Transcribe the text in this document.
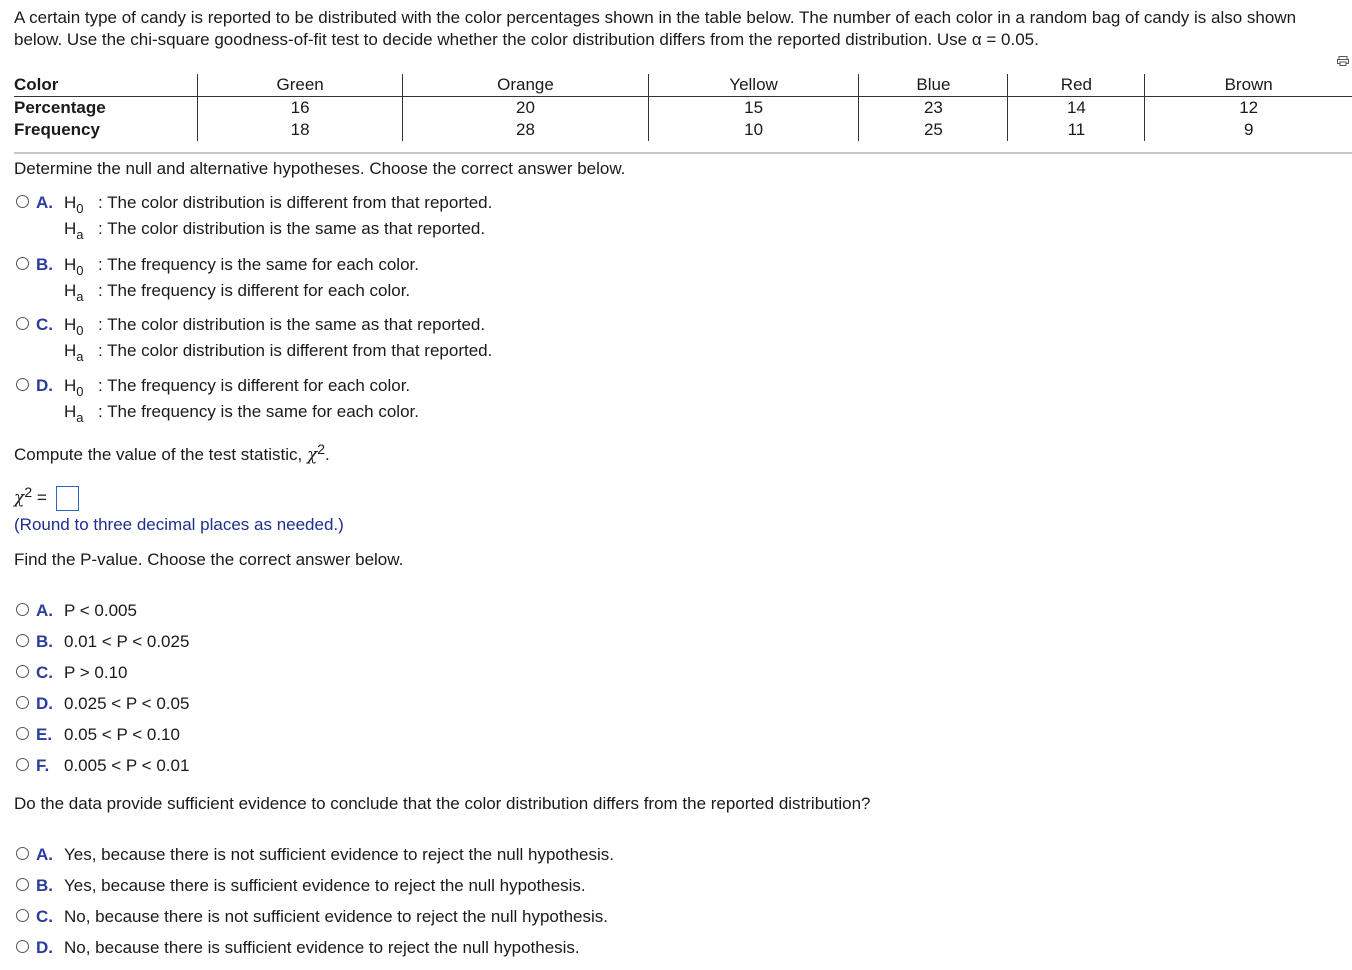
A certain type of candy is reported to be distributed with the color percentages shown in the table below. The number of each color in a random bag of candy is also shown below. Use the chi-square goodness-of-fit test to decide whether the color distribution differs from the reported distribution. Use α = 0.05.
Color	Green	Orange	Yellow	Blue	Red	Brown
Percentage	16	20	15	23	14	12
Frequency	18	28	10	25	11	9
Determine the null and alternative hypotheses. Choose the correct answer below.
A. $H_0$ : The color distribution is different from that reported.
$H_a$ : The color distribution is the same as that reported.
B. $H_0$ : The frequency is the same for each color.
$H_a$ : The frequency is different for each color.
C. $H_0$ : The color distribution is the same as that reported.
$H_a$ : The color distribution is different from that reported.
D. $H_0$ : The frequency is different for each color.
$H_a$ : The frequency is the same for each color.
Compute the value of the test statistic, $\chi^2$.
$\chi^2$ =
(Round to three decimal places as needed.)
Find the P-value. Choose the correct answer below.
A. P < 0.005
B. 0.01 < P < 0.025
C. P > 0.10
D. 0.025 < P < 0.05
E. 0.05 < P < 0.10
F. 0.005 < P < 0.01
Do the data provide sufficient evidence to conclude that the color distribution differs from the reported distribution?
A. Yes, because there is not sufficient evidence to reject the null hypothesis.
B. Yes, because there is sufficient evidence to reject the null hypothesis.
C. No, because there is not sufficient evidence to reject the null hypothesis.
D. No, because there is sufficient evidence to reject the null hypothesis.
